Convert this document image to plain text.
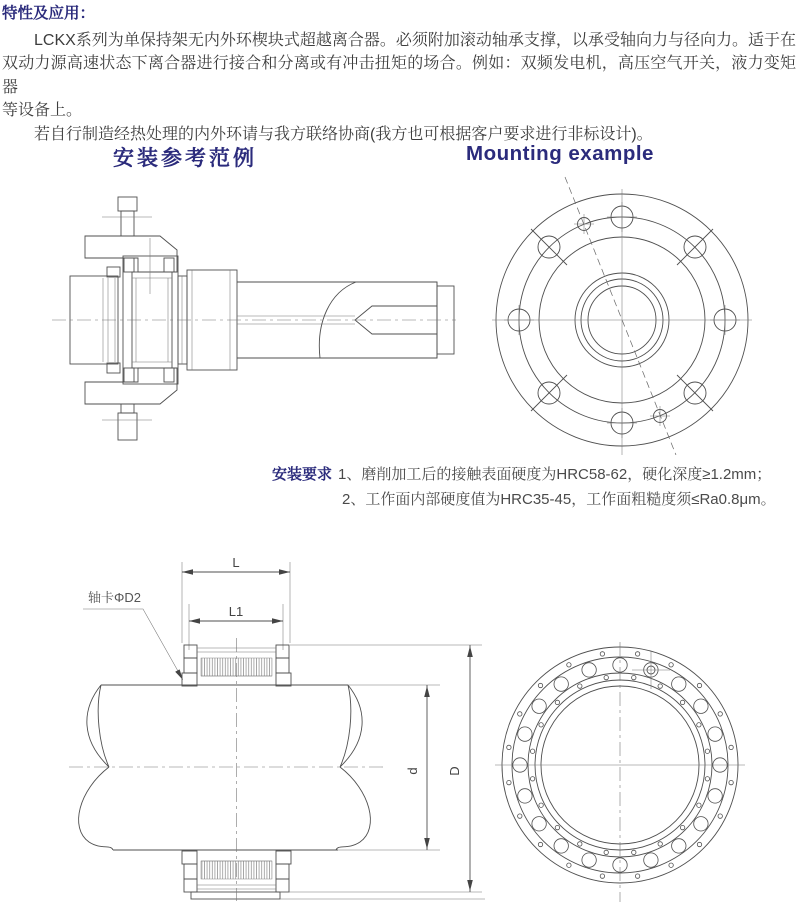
特性及应用：
LCKX系列为单保持架无内外环楔块式超越离合器。必须附加滚动轴承支撑，以承受轴向力与径向力。适于在
双动力源高速状态下离合器进行接合和分离或有冲击扭矩的场合。例如：双频发电机，高压空气开关，液力变矩器
等设备上。
若自行制造经热处理的内外环请与我方联络协商(我方也可根据客户要求进行非标设计)。
安装参考范例	Mounting example
安装要求 1、磨削加工后的接触表面硬度为HRC58-62，硬化深度≥1.2mm；
2、工作面内部硬度值为HRC35-45，工作面粗糙度须≤Ra0.8μm。
L
L1
轴卡ΦD2
d D
